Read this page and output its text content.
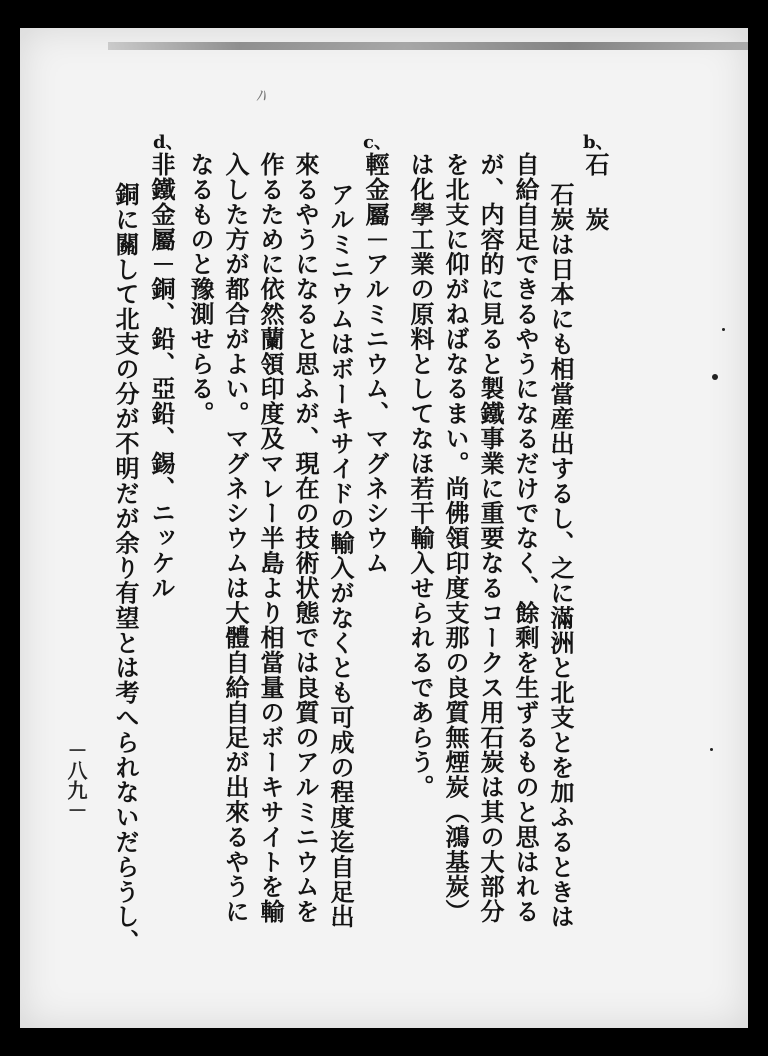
ﾊ
b、
石 炭
石炭は日本にも相當産出するし、之に滿洲と北支とを加ふるときは
自給自足できるやうになるだけでなく、餘剩を生ずるものと思はれる
が、内容的に見ると製鐵事業に重要なるコークス用石炭は其の大部分
を北支に仰がねばなるまい。尚佛領印度支那の良質無煙炭（鴻基炭）
は化學工業の原料としてなほ若干輸入せられるであらう。
c、
輕金屬－アルミニウム、マグネシウム
アルミニウムはボーキサイドの輸入がなくとも可成の程度迄自足出
來るやうになると思ふが、現在の技術状態では良質のアルミニウムを
作るために依然蘭領印度及マレー半島より相當量のボーキサイトを輸
入した方が都合がよい。マグネシウムは大體自給自足が出來るやうに
なるものと豫測せらる。
d、
非鐵金屬－銅、鉛、亞鉛、錫、ニッケル
銅に關して北支の分が不明だが余り有望とは考へられないだらうし、
－八九－
